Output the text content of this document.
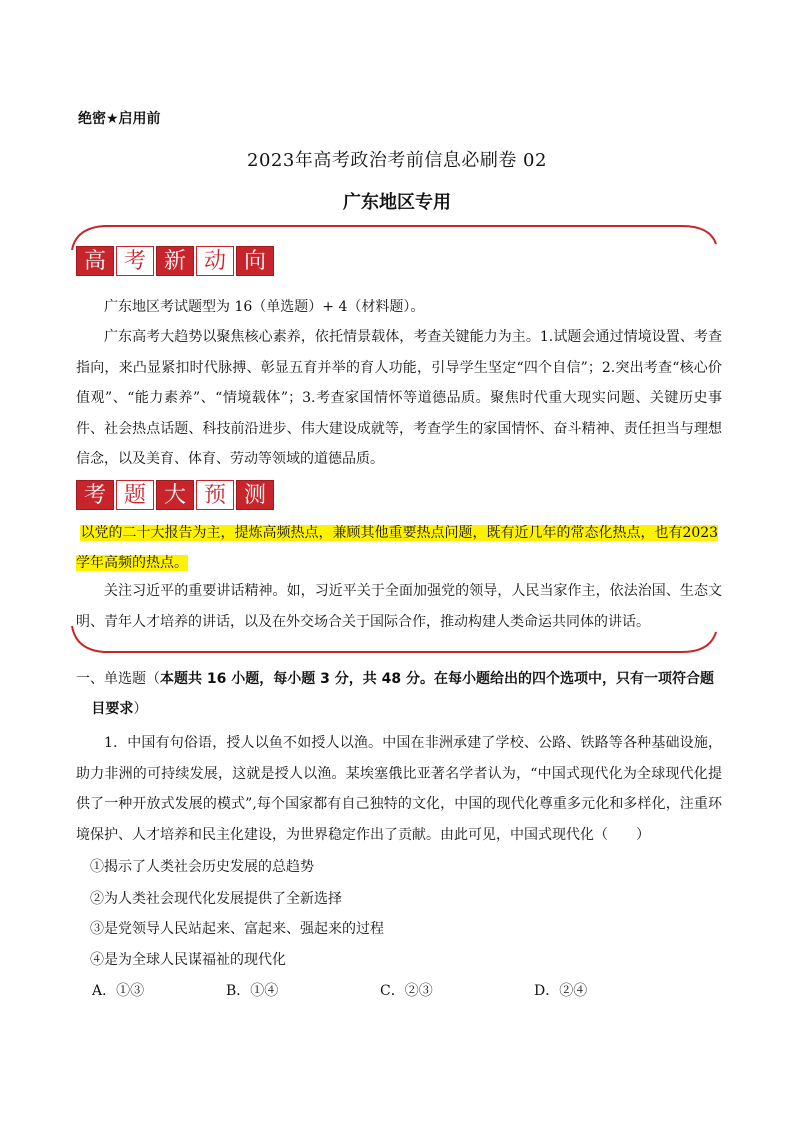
绝密★启用前
2023年高考政治考前信息必刷卷 02
广东地区专用
高 考 新 动 向
广东地区考试题型为 16（单选题）+ 4（材料题）。
广东高考大趋势以聚焦核心素养，依托情景载体，考查关键能力为主。1.试题会通过情境设置、考查指向，来凸显紧扣时代脉搏、彰显五育并举的育人功能，引导学生坚定“四个自信”；2.突出考查“核心价值观”、“能力素养”、“情境载体”；3.考查家国情怀等道德品质。聚焦时代重大现实问题、关键历史事件、社会热点话题、科技前沿进步、伟大建设成就等，考查学生的家国情怀、奋斗精神、责任担当与理想信念，以及美育、体育、劳动等领域的道德品质。
考 题 大 预 测
以党的二十大报告为主，提炼高频热点，兼顾其他重要热点问题，既有近几年的常态化热点，也有2023学年高频的热点。
关注习近平的重要讲话精神。如，习近平关于全面加强党的领导，人民当家作主，依法治国、生态文明、青年人才培养的讲话，以及在外交场合关于国际合作，推动构建人类命运共同体的讲话。
一、单选题（本题共 16 小题，每小题 3 分，共 48 分。在每小题给出的四个选项中，只有一项符合题目要求）
1．中国有句俗语，授人以鱼不如授人以渔。中国在非洲承建了学校、公路、铁路等各种基础设施，助力非洲的可持续发展，这就是授人以渔。某埃塞俄比亚著名学者认为，“中国式现代化为全球现代化提供了一种开放式发展的模式”,每个国家都有自己独特的文化，中国的现代化尊重多元化和多样化，注重环境保护、人才培养和民主化建设，为世界稳定作出了贡献。由此可见，中国式现代化（　　）
①揭示了人类社会历史发展的总趋势
②为人类社会现代化发展提供了全新选择
③是党领导人民站起来、富起来、强起来的过程
④是为全球人民谋福祉的现代化
A．①③	B．①④	C．②③	D．②④
